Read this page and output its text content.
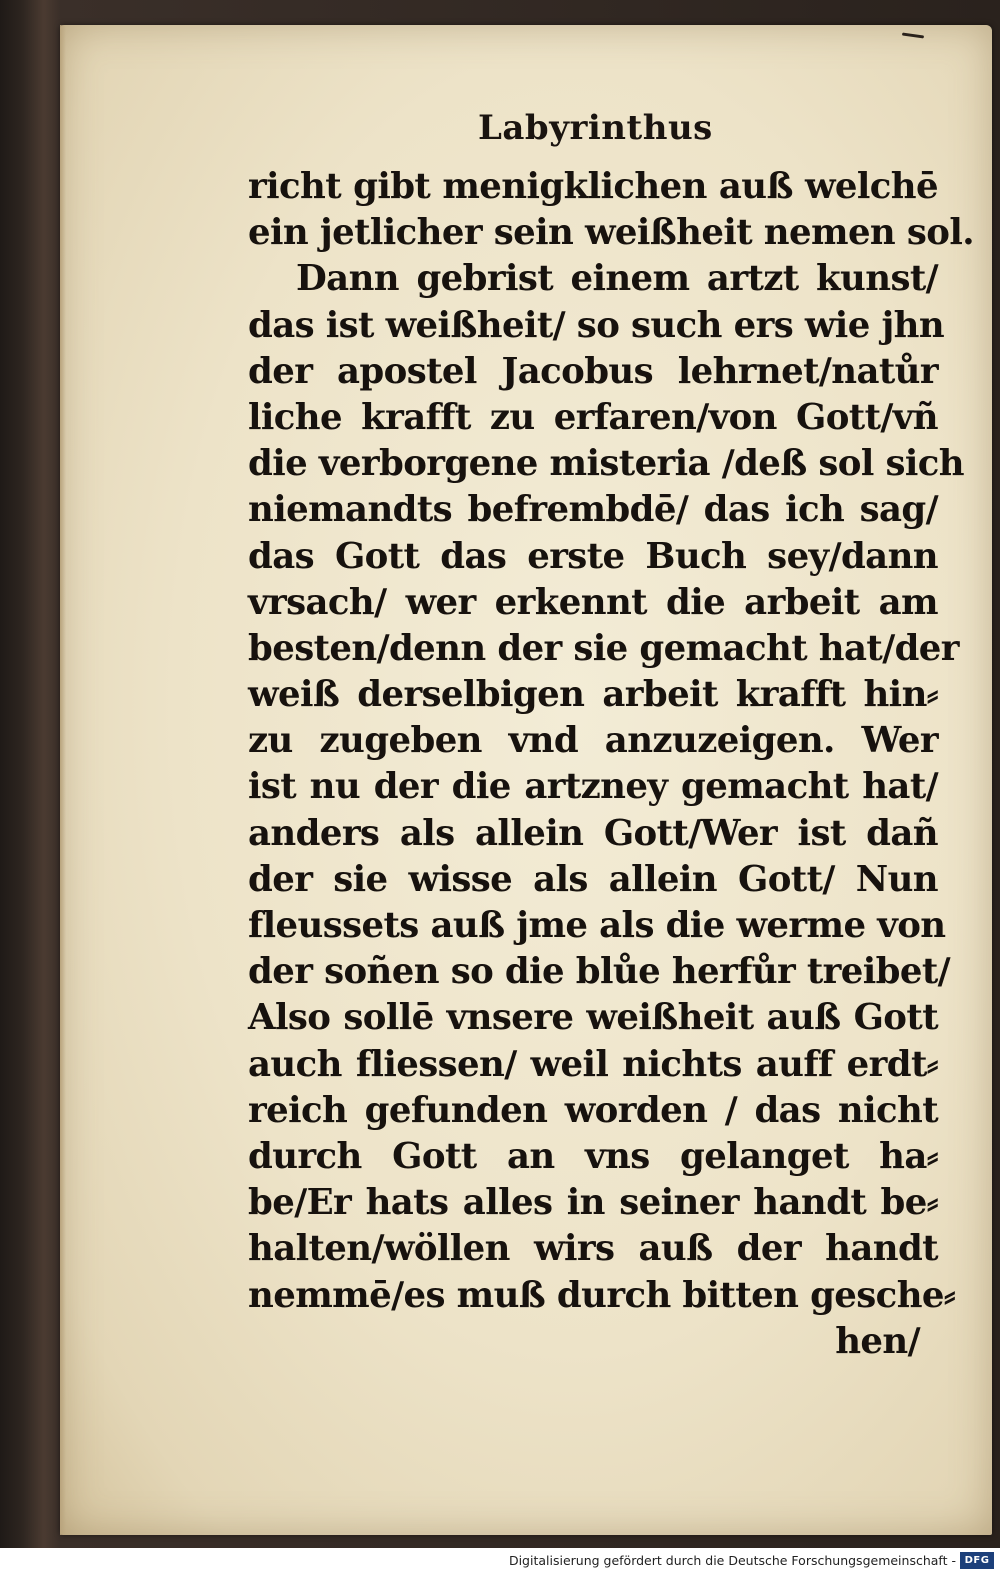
Labyrinthus
richt gibt menigklichen auß welchē
ein jetlicher sein weißheit nemen sol.
Dann gebrist einem artzt kunst/
das ist weißheit/ so such ers wie jhn
der apostel Jacobus lehrnet/natůr
liche krafft zu erfaren/von Gott/vñ
die verborgene misteria /deß sol sich
niemandts befrembdē/ das ich sag/
das Gott das erste Buch sey/dann
vrsach/ wer erkennt die arbeit am
besten/denn der sie gemacht hat/der
weiß derselbigen arbeit krafft hin⸗
zu zugeben vnd anzuzeigen. Wer
ist nu der die artzney gemacht hat/
anders als allein Gott/Wer ist dañ
der sie wisse als allein Gott/ Nun
fleussets auß jme als die werme von
der soñen so die blůe herfůr treibet/
Also sollē vnsere weißheit auß Gott
auch fliessen/ weil nichts auff erdt⸗
reich gefunden worden / das nicht
durch Gott an vns gelanget ha⸗
be/Er hats alles in seiner handt be⸗
halten/wöllen wirs auß der handt
nemmē/es muß durch bitten gesche⸗
hen/
Digitalisierung gefördert durch die Deutsche Forschungsgemeinschaft - DFG
